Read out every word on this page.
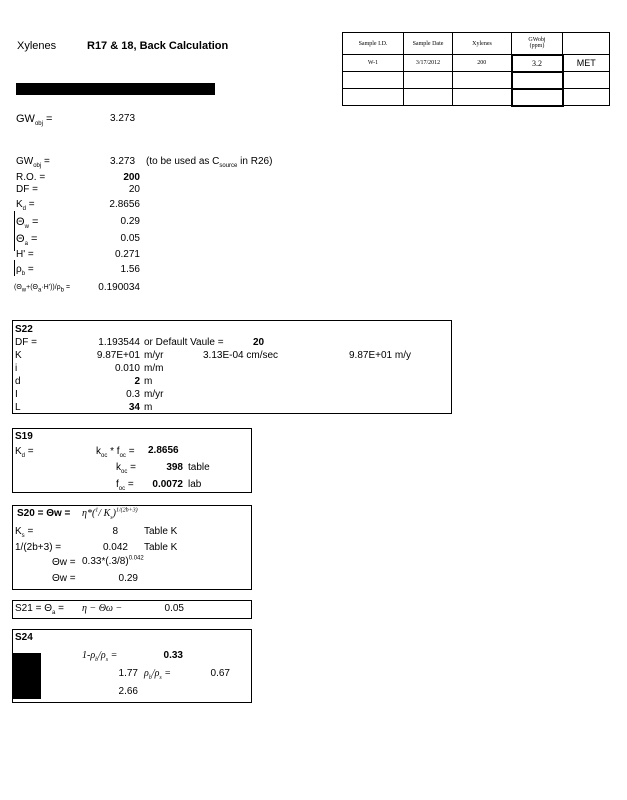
Xylenes	R17 & 18, Back Calculation	Sample I.D.	Sample Date	Xylenes	GWobj
(ppm)	
W-1	3/17/2012	200	3.2	MET

$GW_{obj}$ =	3.273
$GW_{obj}$ =	3.273 (to be used as $C_{source}$ in R26)
R.O. =	200
DF =	20
$K_d$ =	2.8656
$\Theta_w$ =	0.29
$\Theta_a$ =	0.05
H' =	0.271
$\rho_b$ =	1.56
$(\Theta_w+(\Theta_a\cdot H'))/\rho_b$ =	0.190034
S22
DF =	1.193544 or Default Vaule =	20
K	9.87E+01 m/yr	3.13E-04 cm/sec	9.87E+01 m/y
i	0.010 m/m
d	2 m
I	0.3 m/yr
L	34 m
S19
$K_d$ =	$k_{oc} * f_{oc} = 2.8656$
$k_{oc}$ =	398 table
$f_{oc}$ =	0.0072 lab
S20 = Θw = η*($^1$/ $K_s)^{1/(2b+3)}$
$K_s$ =	8	Table K
1/(2b+3) =	0.042 Table K
$\Theta w = 0.33*(.3/8)^{0.042}$
Θw =	0.29
$S21 = \Theta_a = \eta - \Theta\omega$ −	0.05
S24
$1-\rho_b/\rho_s$ =	0.33
1.77 $\rho_b/\rho_s$ =	0.67
2.66
